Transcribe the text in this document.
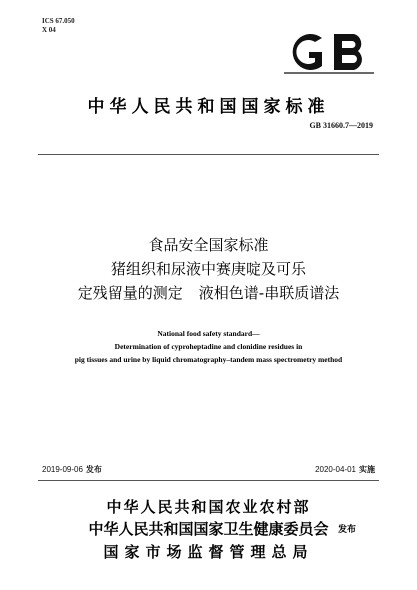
ICS 67.050
X 04
中华人民共和国国家标准
GB 31660.7—2019
食品安全国家标准
猪组织和尿液中赛庚啶及可乐
定残留量的测定 液相色谱-串联质谱法
National food safety standard—
Determination of cyproheptadine and clonidine residues in
pig tissues and urine by liquid chromatography–tandem mass spectrometry method
2019-09-06 发布	2020-04-01 实施
中华人民共和国农业农村部
中华人民共和国国家卫生健康委员会	发布
国家市场监督管理总局
